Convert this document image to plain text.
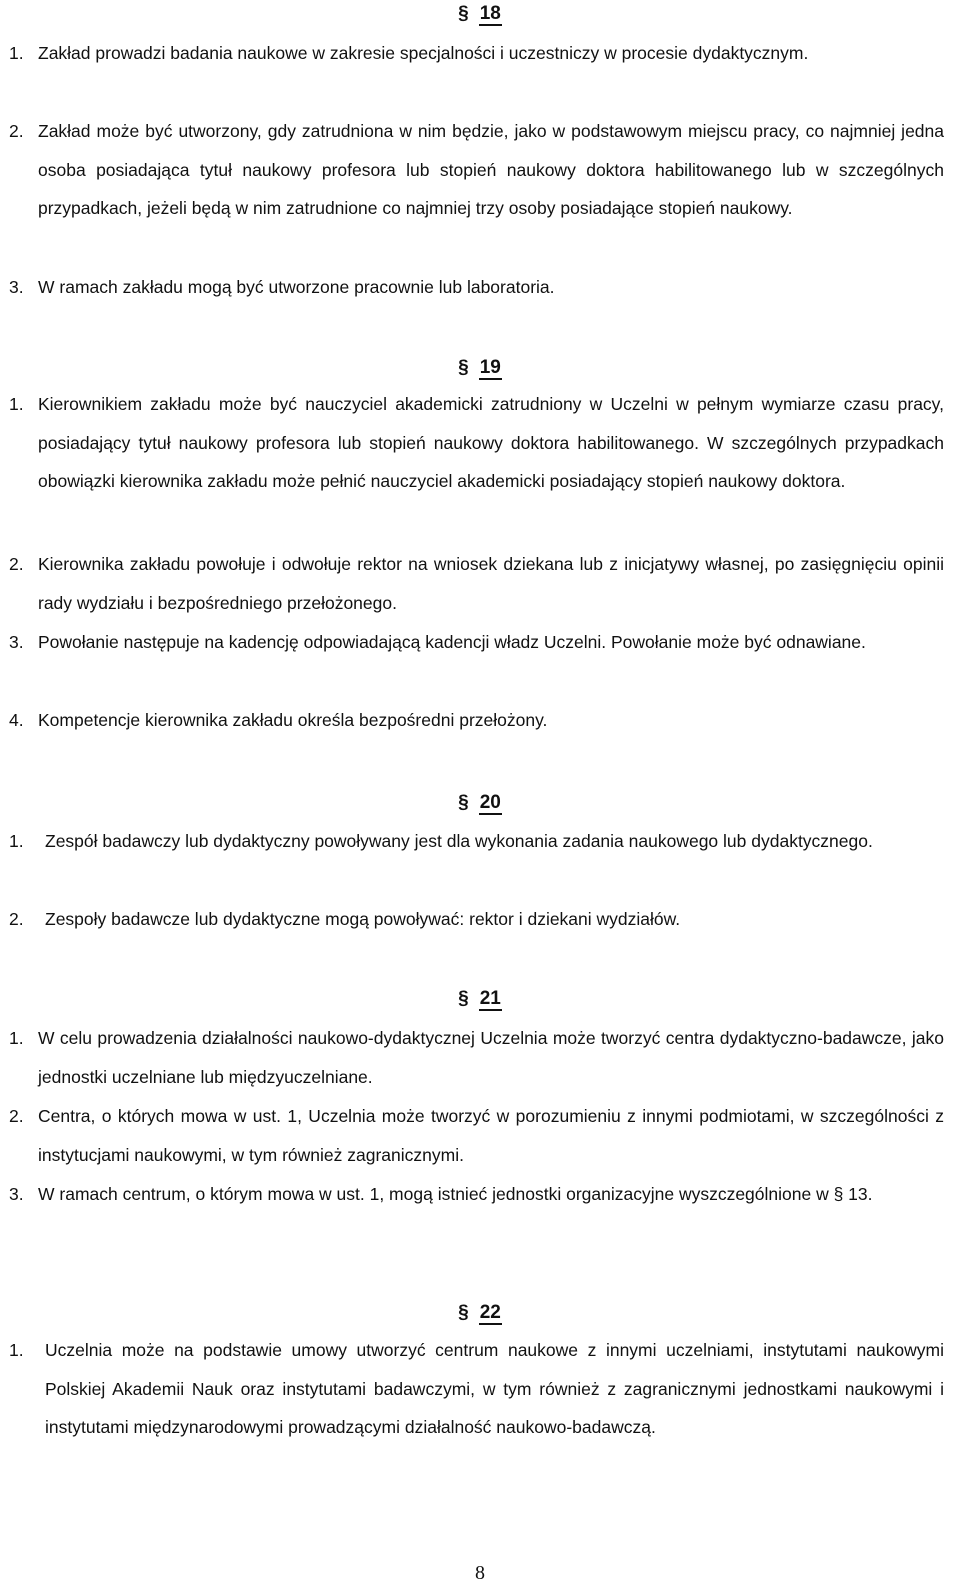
§ 18
1. Zakład prowadzi badania naukowe w zakresie specjalności i uczestniczy w procesie dydaktycznym.
2. Zakład może być utworzony, gdy zatrudniona w nim będzie, jako w podstawowym miejscu pracy, co najmniej jedna osoba posiadająca tytuł naukowy profesora lub stopień naukowy doktora habilitowanego lub w szczególnych przypadkach, jeżeli będą w nim zatrudnione co najmniej trzy osoby posiadające stopień naukowy.
3. W ramach zakładu mogą być utworzone pracownie lub laboratoria.
§ 19
1. Kierownikiem zakładu może być nauczyciel akademicki zatrudniony w Uczelni w pełnym wymiarze czasu pracy, posiadający tytuł naukowy profesora lub stopień naukowy doktora habilitowanego. W szczególnych przypadkach obowiązki kierownika zakładu może pełnić nauczyciel akademicki posiadający stopień naukowy doktora.
2. Kierownika zakładu powołuje i odwołuje rektor na wniosek dziekana lub z inicjatywy własnej, po zasięgnięciu opinii rady wydziału i bezpośredniego przełożonego.
3. Powołanie następuje na kadencję odpowiadającą kadencji władz Uczelni. Powołanie może być odnawiane.
4. Kompetencje kierownika zakładu określa bezpośredni przełożony.
§ 20
1. Zespół badawczy lub dydaktyczny powoływany jest dla wykonania zadania naukowego lub dydaktycznego.
2. Zespoły badawcze lub dydaktyczne mogą powoływać: rektor i dziekani wydziałów.
§ 21
1. W celu prowadzenia działalności naukowo-dydaktycznej Uczelnia może tworzyć centra dydaktyczno-badawcze, jako jednostki uczelniane lub międzyuczelniane.
2. Centra, o których mowa w ust. 1, Uczelnia może tworzyć w porozumieniu z innymi podmiotami, w szczególności z instytucjami naukowymi, w tym również zagranicznymi.
3. W ramach centrum, o którym mowa w ust. 1, mogą istnieć jednostki organizacyjne wyszczególnione w § 13.
§ 22
1. Uczelnia może na podstawie umowy utworzyć centrum naukowe z innymi uczelniami, instytutami naukowymi Polskiej Akademii Nauk oraz instytutami badawczymi, w tym również z zagranicznymi jednostkami naukowymi i instytutami międzynarodowymi prowadzącymi działalność naukowo-badawczą.
8
